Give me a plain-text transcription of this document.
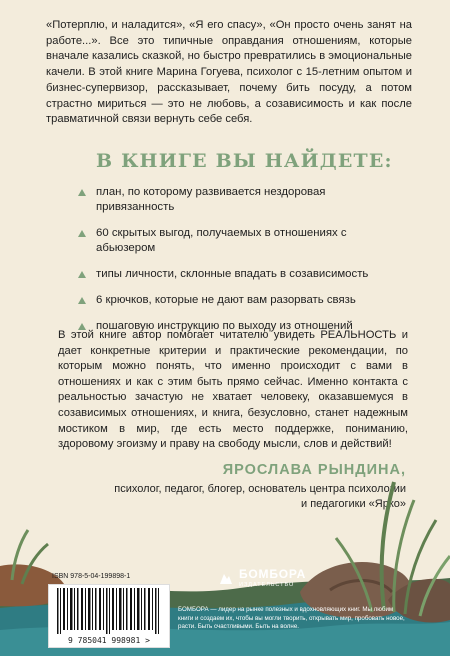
«Потерплю, и наладится», «Я его спасу», «Он просто очень занят на работе...». Все это типичные оправдания отношениям, которые вначале казались сказкой, но быстро превратились в эмоциональные качели. В этой книге Марина Гогуева, психолог с 15-летним опытом и бизнес-супервизор, рассказывает, почему бить посуду, а потом страстно мириться — это не любовь, а созависимость и как после травматичной связи вернуть себе себя.

В КНИГЕ ВЫ НАЙДЕТЕ:
план, по которому развивается нездоровая привязанность
60 скрытых выгод, получаемых в отношениях с абьюзером
типы личности, склонные впадать в созависимость
6 крючков, которые не дают вам разорвать связь
пошаговую инструкцию по выходу из отношений

В этой книге автор помогает читателю увидеть РЕАЛЬНОСТЬ и дает конкретные критерии и практические рекомендации, по которым можно понять, что именно происходит с вами в отношениях и как с этим быть прямо сейчас. Именно контакта с реальностью зачастую не хватает человеку, оказавшемуся в созависимых отношениях, и книга, безусловно, станет надежным мостиком в мир, где есть место поддержке, пониманию, здоровому эгоизму и праву на свободу мысли, слов и действий!

ЯРОСЛАВА РЫНДИНА,
психолог, педагог, блогер, основатель центра психологии и педагогики «Ярко»
ISBN 978-5-04-199898-1
9 785041 998981 >
БОМБОРА
ИЗДАТЕЛЬСТВО
БОМБОРА — лидер на рынке полезных и вдохновляющих книг. Мы любим книги и создаем их, чтобы вы могли творить, открывать мир, пробовать новое, расти. Быть счастливыми. Быть на волне.
